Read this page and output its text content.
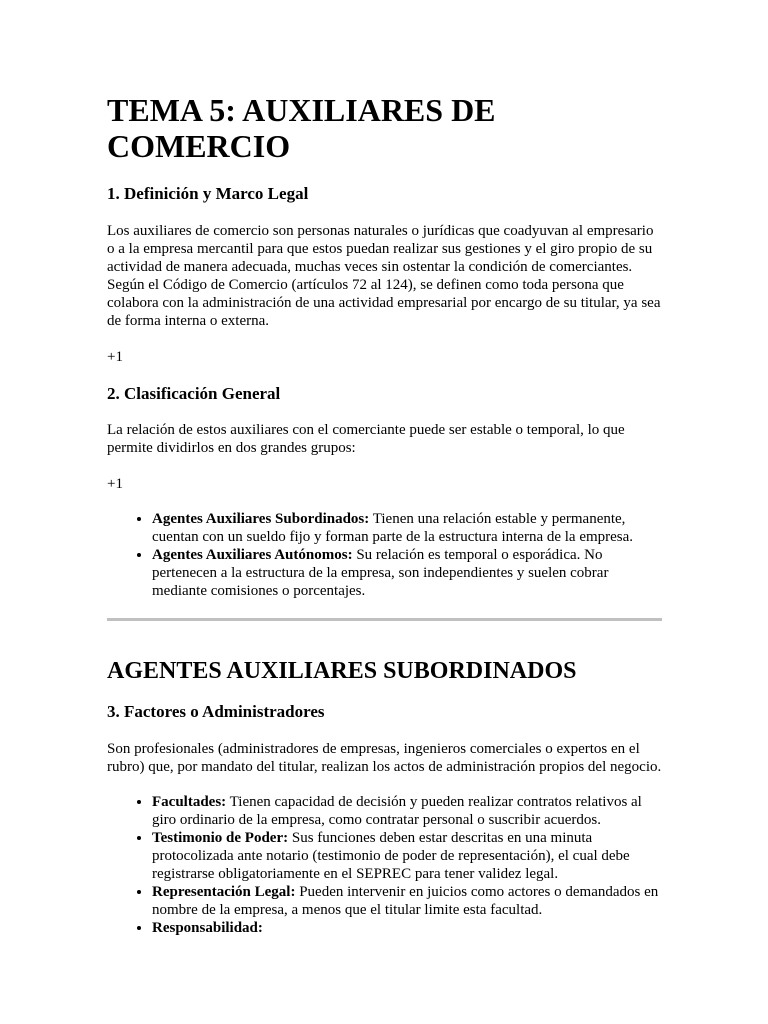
TEMA 5: AUXILIARES DE COMERCIO
1. Definición y Marco Legal

Los auxiliares de comercio son personas naturales o jurídicas que coadyuvan al empresario o a la empresa mercantil para que estos puedan realizar sus gestiones y el giro propio de su actividad de manera adecuada, muchas veces sin ostentar la condición de comerciantes. Según el Código de Comercio (artículos 72 al 124), se definen como toda persona que colabora con la administración de una actividad empresarial por encargo de su titular, ya sea de forma interna o externa.

+1

2. Clasificación General

La relación de estos auxiliares con el comerciante puede ser estable o temporal, lo que permite dividirlos en dos grandes grupos:

+1

• Agentes Auxiliares Subordinados: Tienen una relación estable y permanente, cuentan con un sueldo fijo y forman parte de la estructura interna de la empresa.
• Agentes Auxiliares Autónomos: Su relación es temporal o esporádica. No pertenecen a la estructura de la empresa, son independientes y suelen cobrar mediante comisiones o porcentajes.
AGENTES AUXILIARES SUBORDINADOS
3. Factores o Administradores

Son profesionales (administradores de empresas, ingenieros comerciales o expertos en el rubro) que, por mandato del titular, realizan los actos de administración propios del negocio.

• Facultades: Tienen capacidad de decisión y pueden realizar contratos relativos al giro ordinario de la empresa, como contratar personal o suscribir acuerdos.
• Testimonio de Poder: Sus funciones deben estar descritas en una minuta protocolizada ante notario (testimonio de poder de representación), el cual debe registrarse obligatoriamente en el SEPREC para tener validez legal.
• Representación Legal: Pueden intervenir en juicios como actores o demandados en nombre de la empresa, a menos que el titular limite esta facultad.
• Responsabilidad:
